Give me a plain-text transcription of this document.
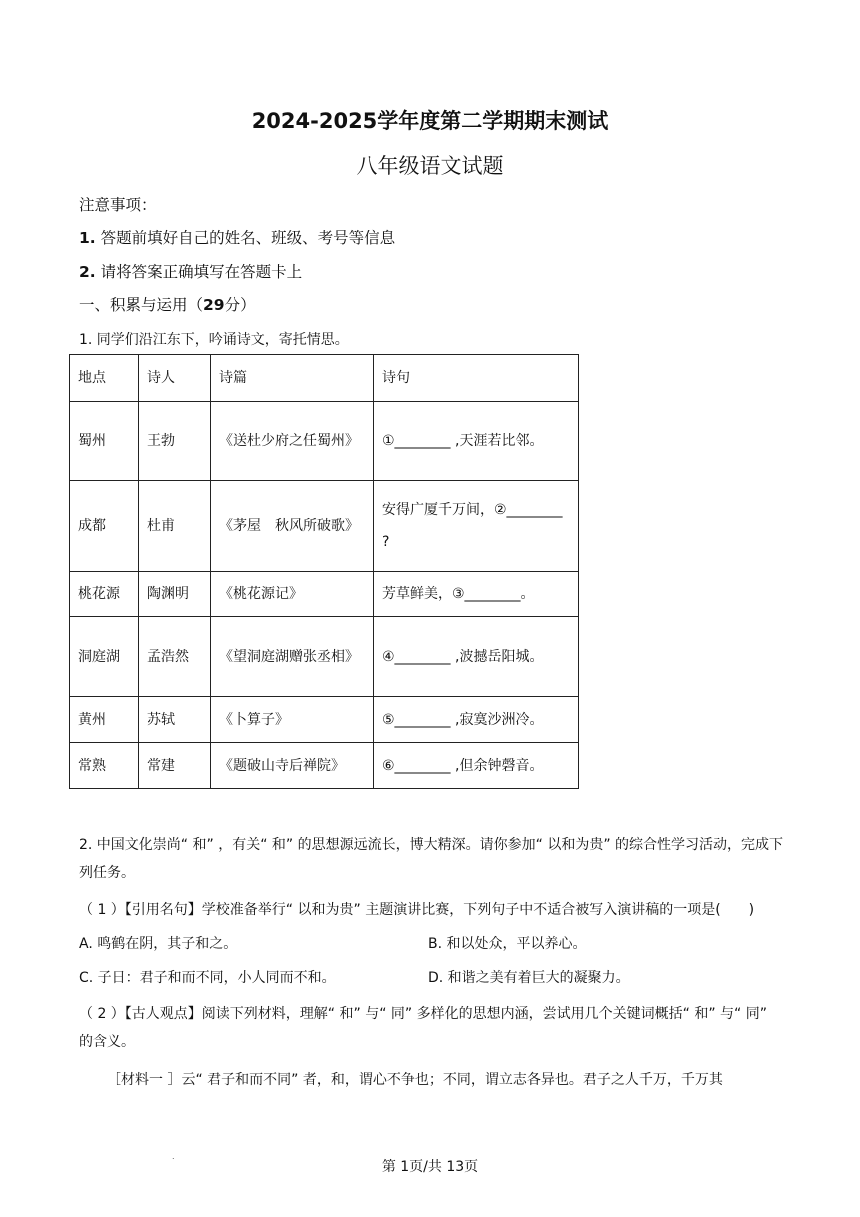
2024-2025学年度第二学期期末测试
八年级语文试题
注意事项：
1. 答题前填好自己的姓名、班级、考号等信息
2. 请将答案正确填写在答题卡上
一、积累与运用（29分）
1. 同学们沿江东下，吟诵诗文，寄托情思。
地点	诗人	诗篇	诗句
蜀州	王勃	《送杜少府之任蜀州》	①________ ,天涯若比邻。
成都	杜甫	《茅屋　秋风所破歌》	安得广厦千万间，②________ ?
桃花源	陶渊明	《桃花源记》	芳草鲜美，③________。
洞庭湖	孟浩然	《望洞庭湖赠张丞相》	④________ ,波撼岳阳城。
黄州	苏轼	《卜算子》	⑤________ ,寂寞沙洲冷。
常熟	常建	《题破山寺后禅院》	⑥________ ,但余钟磬音。
2. 中国文化崇尚“ 和” ，有关“ 和” 的思想源远流长，博大精深。请你参加“ 以和为贵” 的综合性学习活动，完成下列任务。
（ 1 ）【引用名句】学校准备举行“ 以和为贵” 主题演讲比赛，下列句子中不适合被写入演讲稿的一项是(　　)
A. 鸣鹤在阴，其子和之。	B. 和以处众，平以养心。
C. 子日：君子和而不同，小人同而不和。	D. 和谐之美有着巨大的凝聚力。
（ 2 ）【古人观点】阅读下列材料，理解“ 和” 与“ 同” 多样化的思想内涵，尝试用几个关键词概括“ 和” 与“ 同” 的含义。
［材料一 ］云“ 君子和而不同” 者，和，谓心不争也；不同，谓立志各异也。君子之人千万，千万其
.
第 1页/共 13页
